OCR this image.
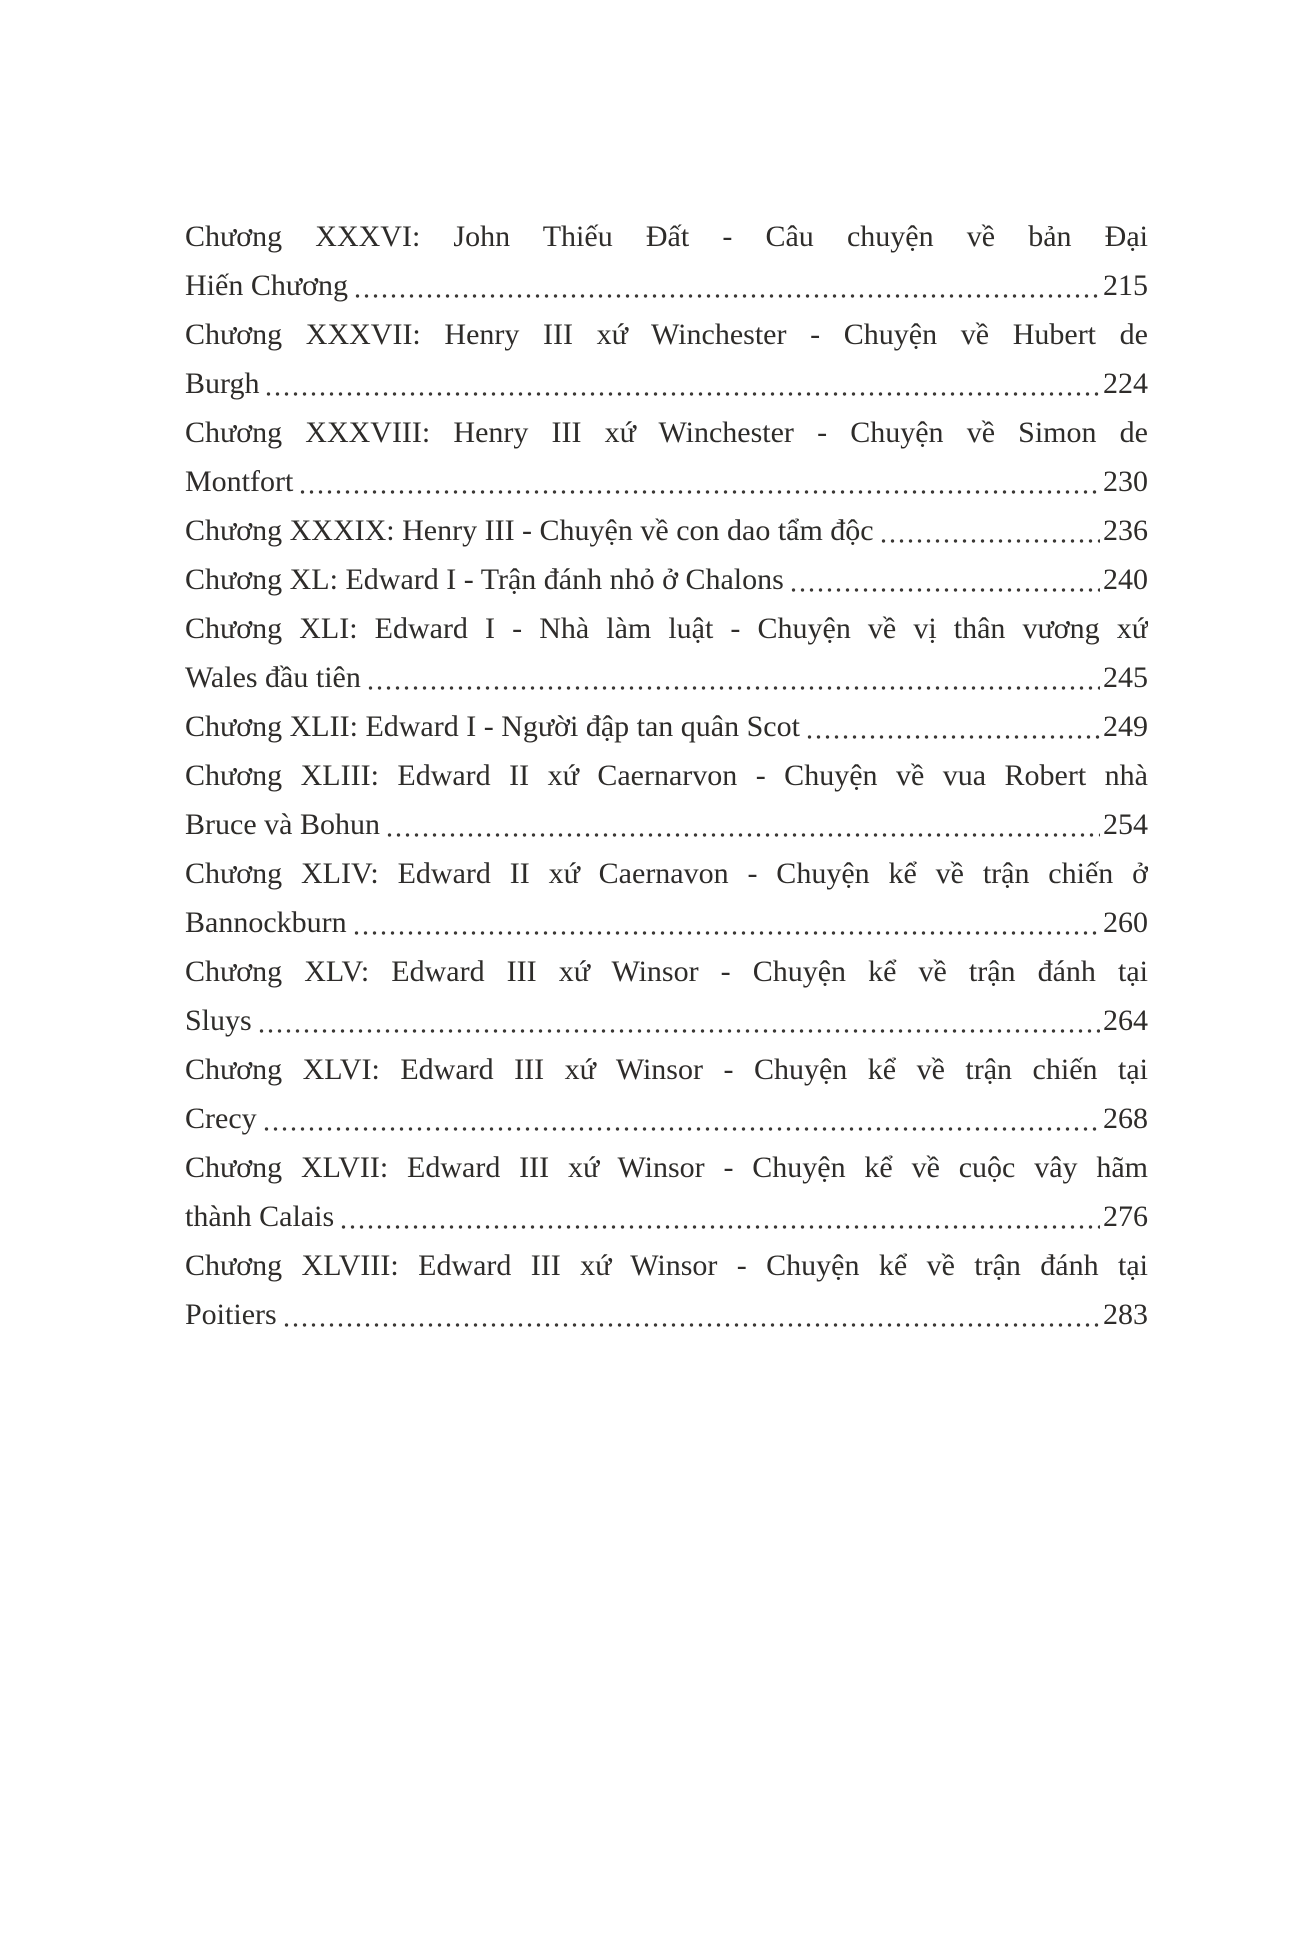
Chương XXXVI: John Thiếu Đất - Câu chuyện về bản Đại
Hiến Chương	215
Chương XXXVII: Henry III xứ Winchester - Chuyện về Hubert de
Burgh	224
Chương XXXVIII: Henry III xứ Winchester - Chuyện về Simon de
Montfort	230
Chương XXXIX: Henry III - Chuyện về con dao tẩm độc	236
Chương XL: Edward I - Trận đánh nhỏ ở Chalons	240
Chương XLI: Edward I - Nhà làm luật - Chuyện về vị thân vương xứ
Wales đầu tiên	245
Chương XLII: Edward I - Người đập tan quân Scot	249
Chương XLIII: Edward II xứ Caernarvon - Chuyện về vua Robert nhà
Bruce và Bohun	254
Chương XLIV: Edward II xứ Caernavon - Chuyện kể về trận chiến ở
Bannockburn	260
Chương XLV: Edward III xứ Winsor - Chuyện kể về trận đánh tại
Sluys	264
Chương XLVI: Edward III xứ Winsor - Chuyện kể về trận chiến tại
Crecy	268
Chương XLVII: Edward III xứ Winsor - Chuyện kể về cuộc vây hãm
thành Calais	276
Chương XLVIII: Edward III xứ Winsor - Chuyện kể về trận đánh tại
Poitiers	283
